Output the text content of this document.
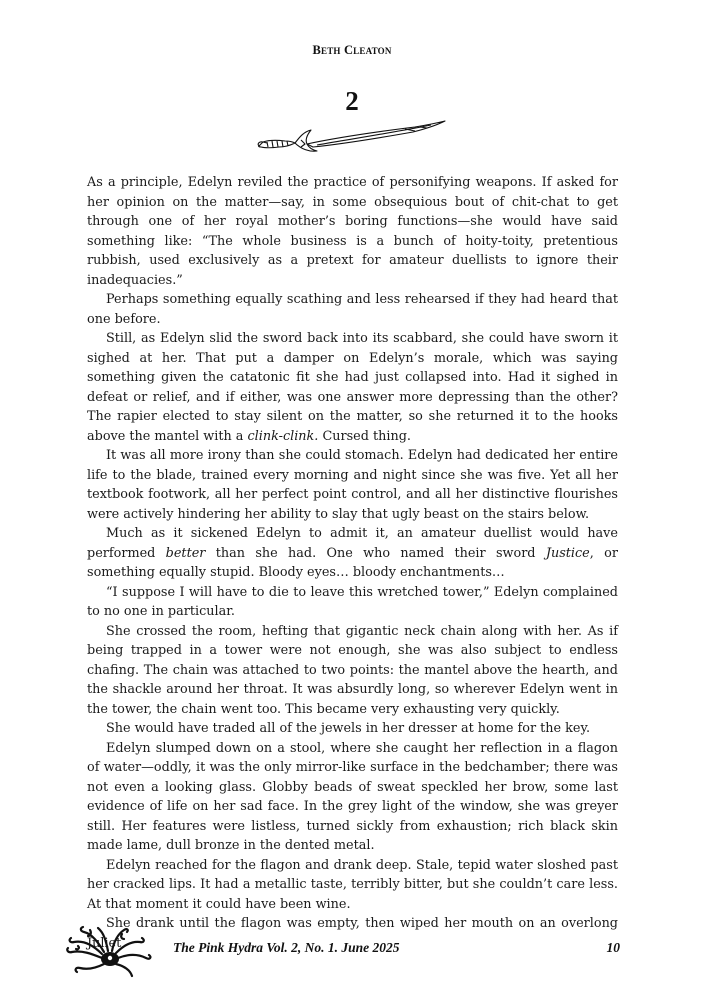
Beth Cleaton
2

As a principle, Edelyn reviled the practice of personifying weapons. If asked for her opinion on the matter—say, in some obsequious bout of chit-chat to get through one of her royal mother’s boring functions—she would have said something like: “The whole business is a bunch of hoity-toity, pretentious rubbish, used exclusively as a pretext for amateur duellists to ignore their inadequacies.”

Perhaps something equally scathing and less rehearsed if they had heard that one before.

Still, as Edelyn slid the sword back into its scabbard, she could have sworn it sighed at her. That put a damper on Edelyn’s morale, which was saying something given the catatonic fit she had just collapsed into. Had it sighed in defeat or relief, and if either, was one answer more depressing than the other? The rapier elected to stay silent on the matter, so she returned it to the hooks above the mantel with a clink-clink. Cursed thing.

It was all more irony than she could stomach. Edelyn had dedicated her entire life to the blade, trained every morning and night since she was five. Yet all her textbook footwork, all her perfect point control, and all her distinctive flourishes were actively hindering her ability to slay that ugly beast on the stairs below.

Much as it sickened Edelyn to admit it, an amateur duellist would have performed better than she had. One who named their sword Justice, or something equally stupid. Bloody eyes… bloody enchantments…

“I suppose I will have to die to leave this wretched tower,” Edelyn complained to no one in particular.

She crossed the room, hefting that gigantic neck chain along with her. As if being trapped in a tower were not enough, she was also subject to endless chafing. The chain was attached to two points: the mantel above the hearth, and the shackle around her throat. It was absurdly long, so wherever Edelyn went in the tower, the chain went too. This became very exhausting very quickly.

She would have traded all of the jewels in her dresser at home for the key.

Edelyn slumped down on a stool, where she caught her reflection in a flagon of water—oddly, it was the only mirror-like surface in the bedchamber; there was not even a looking glass. Globby beads of sweat speckled her brow, some last evidence of life on her sad face. In the grey light of the window, she was greyer still. Her features were listless, turned sickly from exhaustion; rich black skin made lame, dull bronze in the dented metal.

Edelyn reached for the flagon and drank deep. Stale, tepid water sloshed past her cracked lips. It had a metallic taste, terribly bitter, but she couldn’t care less. At that moment it could have been wine.

She drank until the flagon was empty, then wiped her mouth on an overlong Juliet	The Pink Hydra Vol. 2, No. 1. June 2025	10
